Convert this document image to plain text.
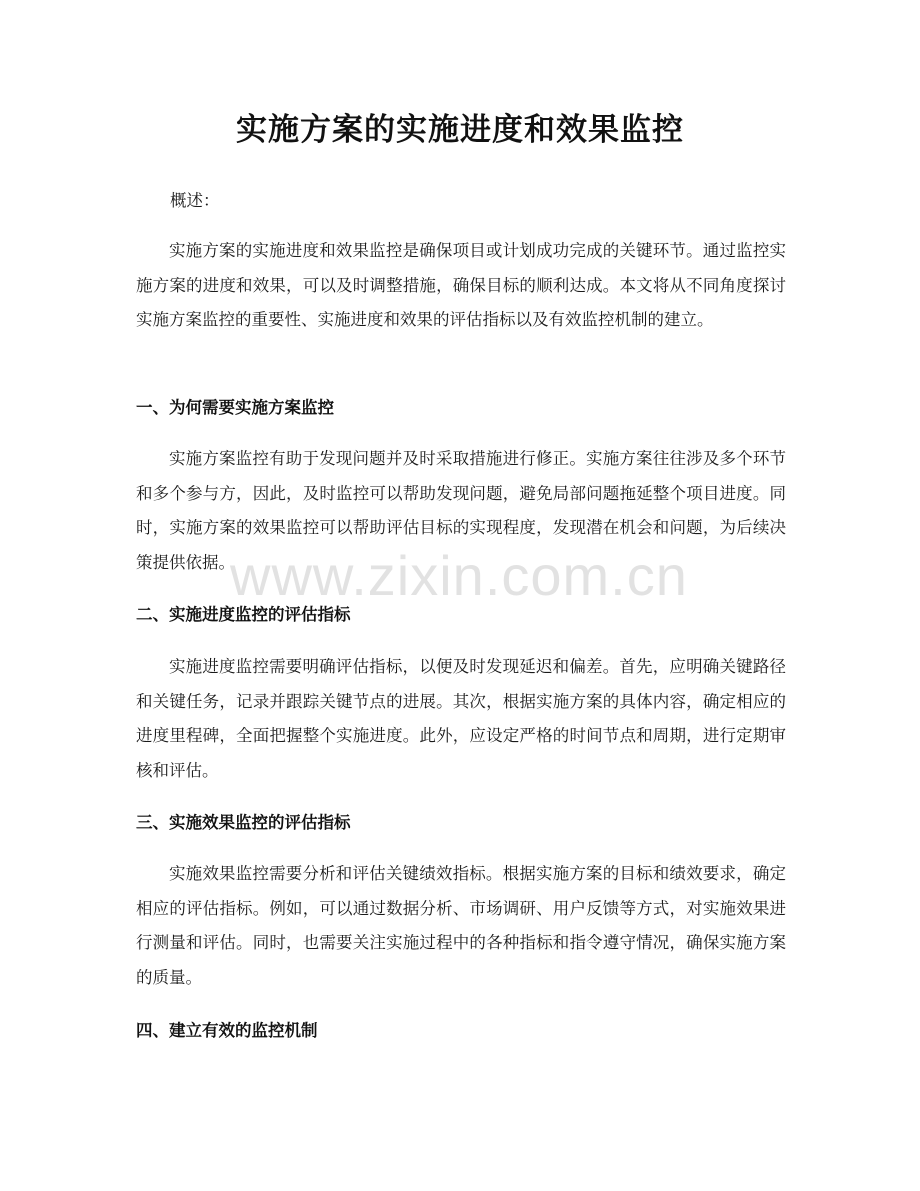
实施方案的实施进度和效果监控
概述：

实施方案的实施进度和效果监控是确保项目或计划成功完成的关键环节。通过监控实施方案的进度和效果，可以及时调整措施，确保目标的顺利达成。本文将从不同角度探讨实施方案监控的重要性、实施进度和效果的评估指标以及有效监控机制的建立。

一、为何需要实施方案监控

实施方案监控有助于发现问题并及时采取措施进行修正。实施方案往往涉及多个环节和多个参与方，因此，及时监控可以帮助发现问题，避免局部问题拖延整个项目进度。同时，实施方案的效果监控可以帮助评估目标的实现程度，发现潜在机会和问题，为后续决策提供依据。

二、实施进度监控的评估指标

实施进度监控需要明确评估指标，以便及时发现延迟和偏差。首先，应明确关键路径和关键任务，记录并跟踪关键节点的进展。其次，根据实施方案的具体内容，确定相应的进度里程碑，全面把握整个实施进度。此外，应设定严格的时间节点和周期，进行定期审核和评估。

三、实施效果监控的评估指标

实施效果监控需要分析和评估关键绩效指标。根据实施方案的目标和绩效要求，确定相应的评估指标。例如，可以通过数据分析、市场调研、用户反馈等方式，对实施效果进行测量和评估。同时，也需要关注实施过程中的各种指标和指令遵守情况，确保实施方案的质量。

四、建立有效的监控机制
www.zixin.com.cn
